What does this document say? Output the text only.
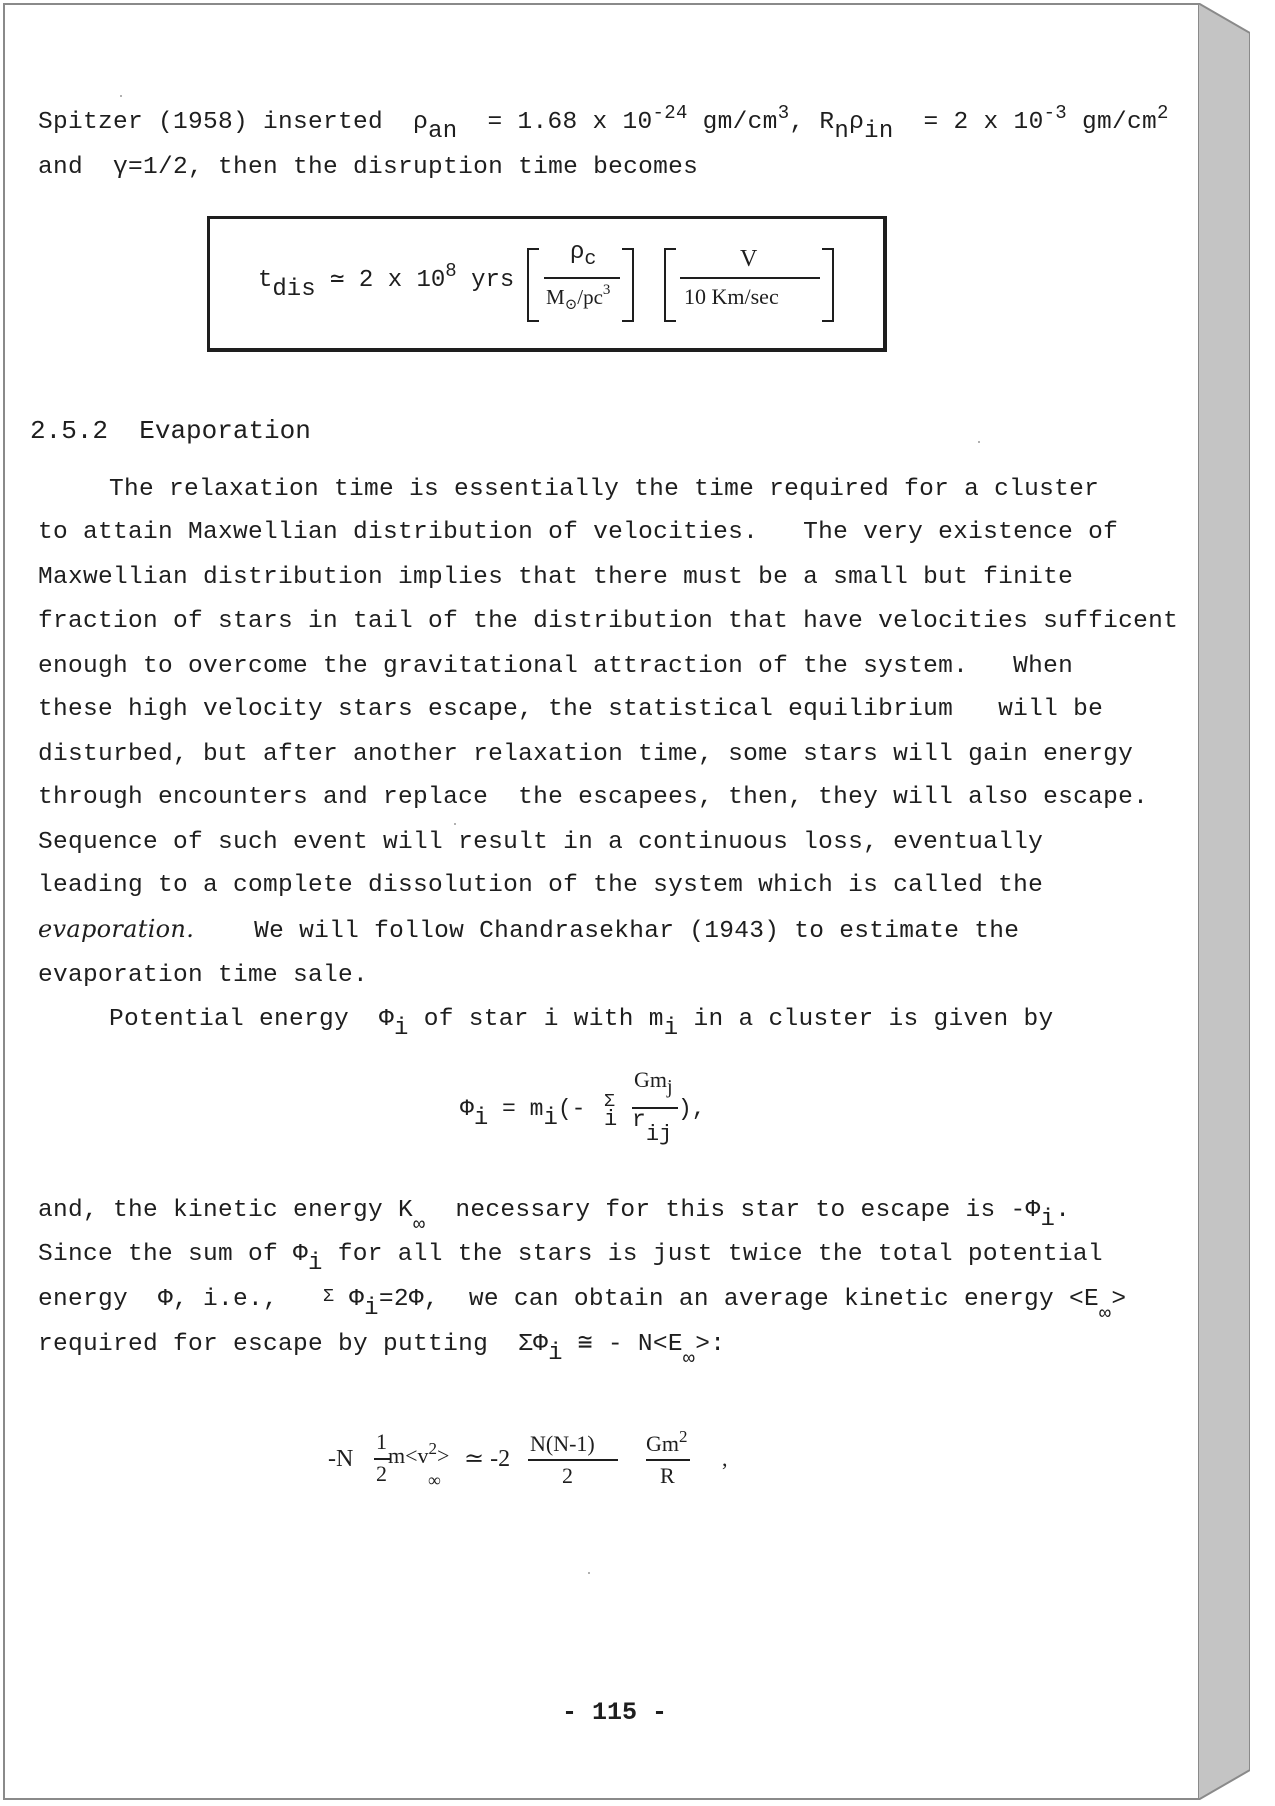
Spitzer (1958) inserted ρan = 1.68 x $10^{-24}$ $gm/cm^3$, Rnρin = 2 x $10^{-3}$ $gm/cm^2$
and  γ=1/2, then the disruption time becomes
tdis ≃ 2 x $10^8$ yrs
$\rho_c$
$M_⊙/pc^3$
V
10 Km/sec
2.5.2 Evaporation
The relaxation time is essentially the time required for a cluster
to attain Maxwellian distribution of velocities.   The very existence of
Maxwellian distribution implies that there must be a small but finite
fraction of stars in tail of the distribution that have velocities sufficent
enough to overcome the gravitational attraction of the system.   When
these high velocity stars escape, the statistical equilibrium   will be
disturbed, but after another relaxation time, some stars will gain energy
through encounters and replace  the escapees, then, they will also escape.
Sequence of such event will result in a continuous loss, eventually
leading to a complete dissolution of the system which is called the
evaporation. We will follow Chandrasekhar (1943) to estimate the
evaporation time sale.
Potential energy  Φi of star i with mi in a cluster is given by
Φi = mi(- Σ
i
Gmj
rij
),
and, the kinetic energy $K_\infty$  necessary for this star to escape is -Φi.
Since the sum of Φi for all the stars is just twice the total potential
energy  Φ, i.e.,   Σ Φi=2Φ,  we can obtain an average kinetic energy $<E_\infty>$
required for escape by putting  ΣΦi ≅ - $N<E_\infty>$:
-N
1
2
$m<v^2>$
∞
≃ -2
N(N-1)
2
Gm$^2$
R
,
- 115 -
